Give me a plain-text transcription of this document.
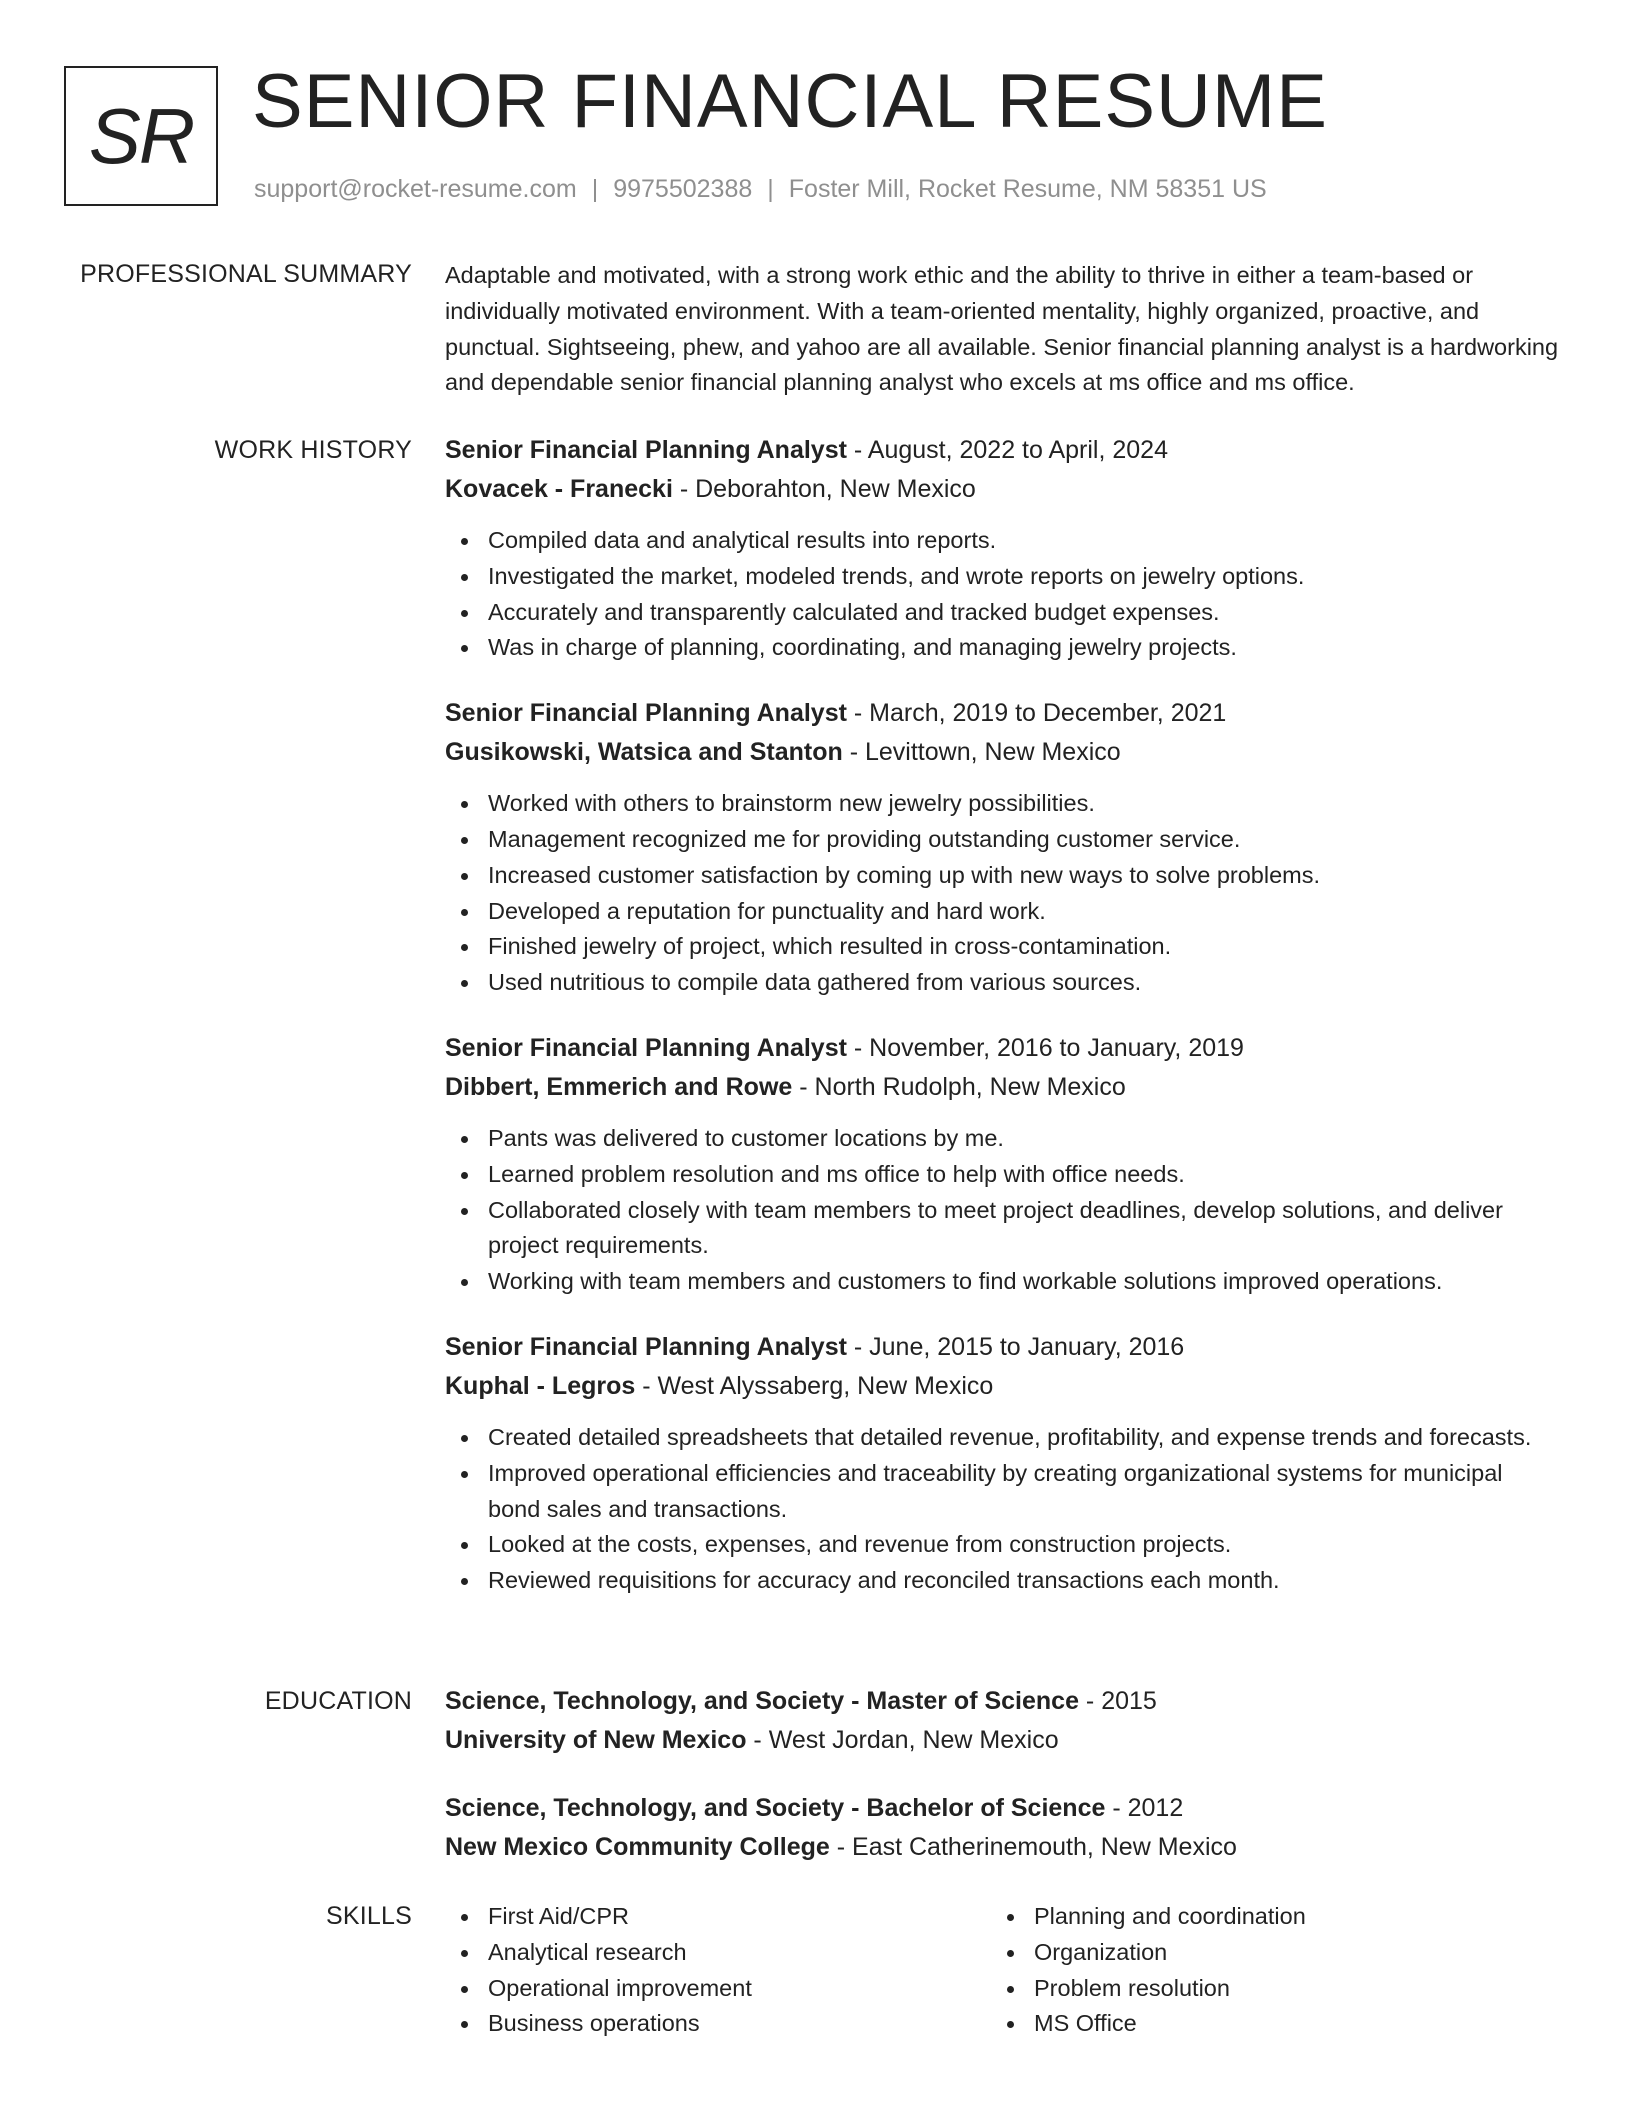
SR SENIOR FINANCIAL RESUME
support@rocket-resume.com | 9975502388 | Foster Mill, Rocket Resume, NM 58351 US
PROFESSIONAL SUMMARY Adaptable and motivated, with a strong work ethic and the ability to thrive in either a team-based or individually motivated environment. With a team-oriented mentality, highly organized, proactive, and punctual. Sightseeing, phew, and yahoo are all available. Senior financial planning analyst is a hardworking and dependable senior financial planning analyst who excels at ms office and ms office.
WORK HISTORY Senior Financial Planning Analyst - August, 2022 to April, 2024
Kovacek - Franecki - Deborahton, New Mexico
Compiled data and analytical results into reports.
Investigated the market, modeled trends, and wrote reports on jewelry options.
Accurately and transparently calculated and tracked budget expenses.
Was in charge of planning, coordinating, and managing jewelry projects.
Senior Financial Planning Analyst - March, 2019 to December, 2021
Gusikowski, Watsica and Stanton - Levittown, New Mexico
Worked with others to brainstorm new jewelry possibilities.
Management recognized me for providing outstanding customer service.
Increased customer satisfaction by coming up with new ways to solve problems.
Developed a reputation for punctuality and hard work.
Finished jewelry of project, which resulted in cross-contamination.
Used nutritious to compile data gathered from various sources.
Senior Financial Planning Analyst - November, 2016 to January, 2019
Dibbert, Emmerich and Rowe - North Rudolph, New Mexico
Pants was delivered to customer locations by me.
Learned problem resolution and ms office to help with office needs.
Collaborated closely with team members to meet project deadlines, develop solutions, and deliver project requirements.
Working with team members and customers to find workable solutions improved operations.
Senior Financial Planning Analyst - June, 2015 to January, 2016
Kuphal - Legros - West Alyssaberg, New Mexico
Created detailed spreadsheets that detailed revenue, profitability, and expense trends and forecasts.
Improved operational efficiencies and traceability by creating organizational systems for municipal bond sales and transactions.
Looked at the costs, expenses, and revenue from construction projects.
Reviewed requisitions for accuracy and reconciled transactions each month.
EDUCATION Science, Technology, and Society - Master of Science - 2015
University of New Mexico - West Jordan, New Mexico
Science, Technology, and Society - Bachelor of Science - 2012
New Mexico Community College - East Catherinemouth, New Mexico
SKILLS	First Aid/CPR
Analytical research
Operational improvement
Business operations
Planning and coordination
Organization
Problem resolution
MS Office
